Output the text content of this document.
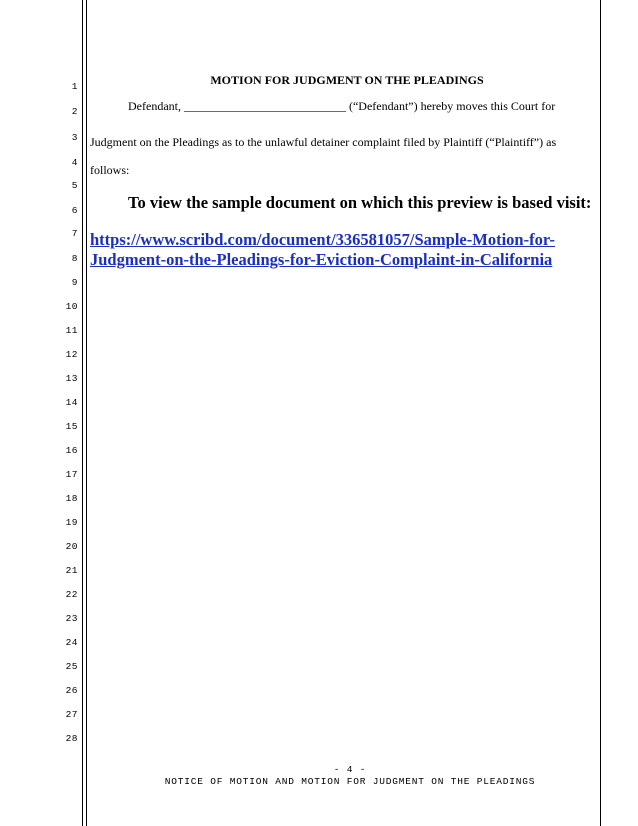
1
2
3
4
5
6
7
8
9
10
11
12
13
14
15
16
17
18
19
20
21
22
23
24
25
26
27
28
MOTION FOR JUDGMENT ON THE PLEADINGS
Defendant, ___________________________ (“Defendant”) hereby moves this Court for
Judgment on the Pleadings as to the unlawful detainer complaint filed by Plaintiff (“Plaintiff”) as
follows:
To view the sample document on which this preview is based visit:
https://www.scribd.com/document/336581057/Sample-Motion-for-
Judgment-on-the-Pleadings-for-Eviction-Complaint-in-California
- 4 -
NOTICE OF MOTION AND MOTION FOR JUDGMENT ON THE PLEADINGS
